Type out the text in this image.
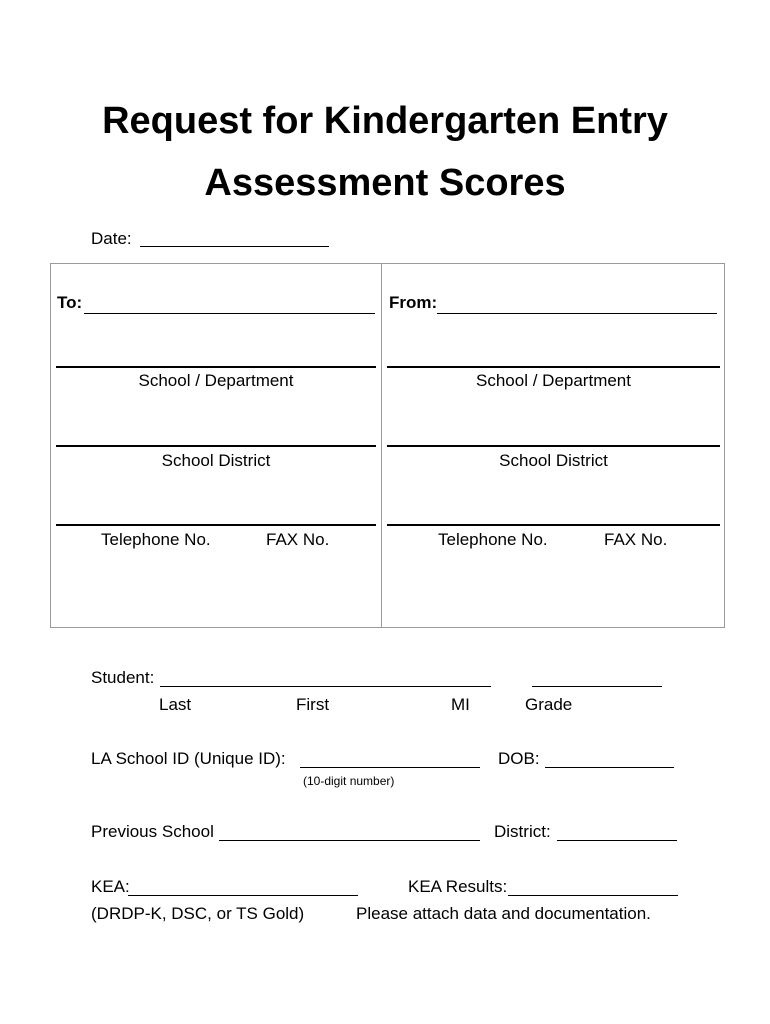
Request for Kindergarten Entry
Assessment Scores
Date:
To:
School / Department
School District
Telephone No.	FAX No.
From:
School / Department
School District
Telephone No.	FAX No.
Student:
Last	First	MI	Grade
LA School ID (Unique ID):	DOB:
(10-digit number)
Previous School	District:
KEA:	KEA Results:
(DRDP-K, DSC, or TS Gold)	Please attach data and documentation.
